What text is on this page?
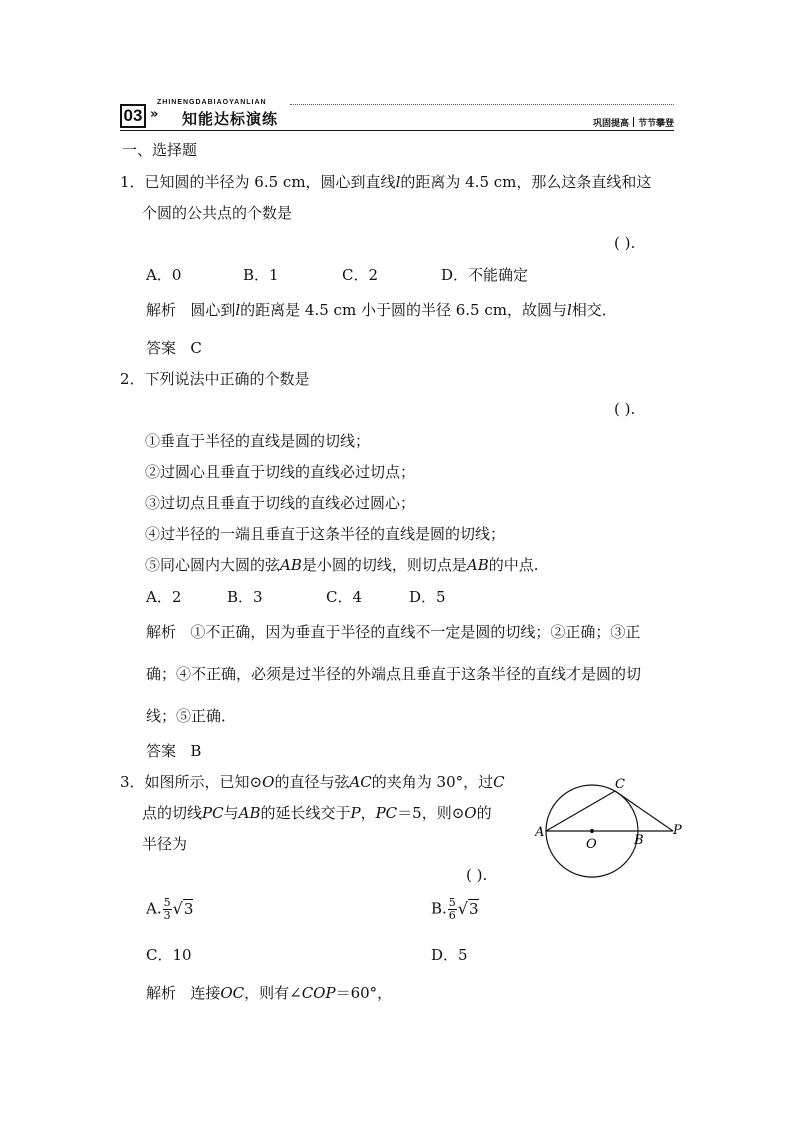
03 »
ZHINENGDABIAOYANLIAN
知能达标演练	巩固提高 节节攀登
一、选择题
1．已知圆的半径为 6.5 cm，圆心到直线l的距离为 4.5 cm，那么这条直线和这
个圆的公共点的个数是
( ).
A．0	B．1	C．2	D．不能确定
解析 圆心到l的距离是 4.5 cm 小于圆的半径 6.5 cm，故圆与l相交．
答案 C
2．下列说法中正确的个数是
( ).
①垂直于半径的直线是圆的切线；
②过圆心且垂直于切线的直线必过切点；
③过切点且垂直于切线的直线必过圆心；
④过半径的一端且垂直于这条半径的直线是圆的切线；
⑤同心圆内大圆的弦AB是小圆的切线，则切点是AB的中点.
A．2	B．3	C．4	D．5
解析 ①不正确，因为垂直于半径的直线不一定是圆的切线；②正确；③正
确；④不正确，必须是过半径的外端点且垂直于这条半径的直线才是圆的切
线；⑤正确．
答案 B
3．如图所示，已知⊙O的直径与弦AC的夹角为 30°，过C
点的切线PC与AB的延长线交于P，PC＝5，则⊙O的
半径为
( ).
A
O	B
C
P
A. $\frac{5}{3} √3$	B. $\frac{5}{6} √3$
C．10	D．5
解析 连接OC，则有∠COP＝60°，
